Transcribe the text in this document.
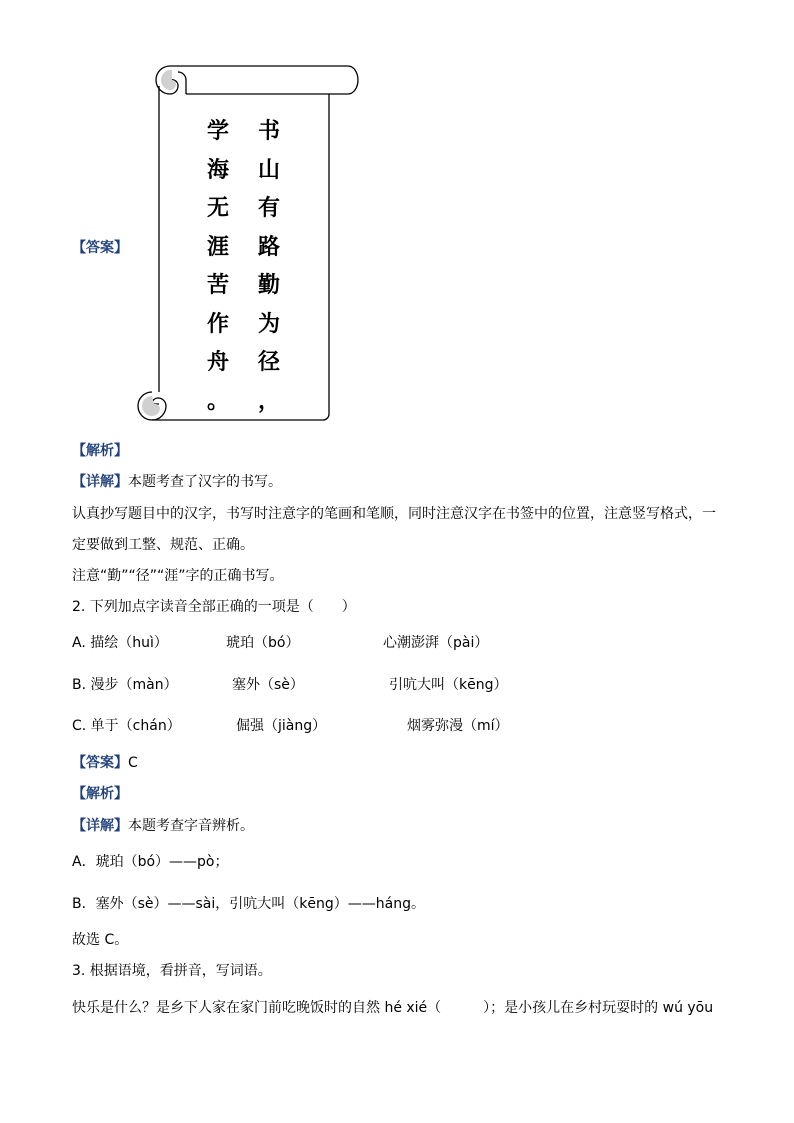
【答案】
书
山
有
路
勤
为
径
，
学
海
无
涯
苦
作
舟
。
【解析】
【详解】本题考查了汉字的书写。
认真抄写题目中的汉字，书写时注意字的笔画和笔顺，同时注意汉字在书签中的位置，注意竖写格式，一
定要做到工整、规范、正确。
注意“勤”“径”“涯”字的正确书写。
2. 下列加点字读音全部正确的一项是（　　）
A. 描绘（huì）	琥珀（bó）	心潮澎湃（pài）
B. 漫步（màn）	塞外（sè）	引吭大叫（kēng）
C. 单于（chán）	倔强（jiàng）	烟雾弥漫（mí）
【答案】C
【解析】
【详解】本题考查字音辨析。
A．琥珀（bó）——pò；
B．塞外（sè）——sài，引吭大叫（kēng）——háng。
故选 C。
3. 根据语境，看拼音，写词语。
快乐是什么？是乡下人家在家门前吃晚饭时的自然 hé xié（　　　）；是小孩儿在乡村玩耍时的 wú yōu
